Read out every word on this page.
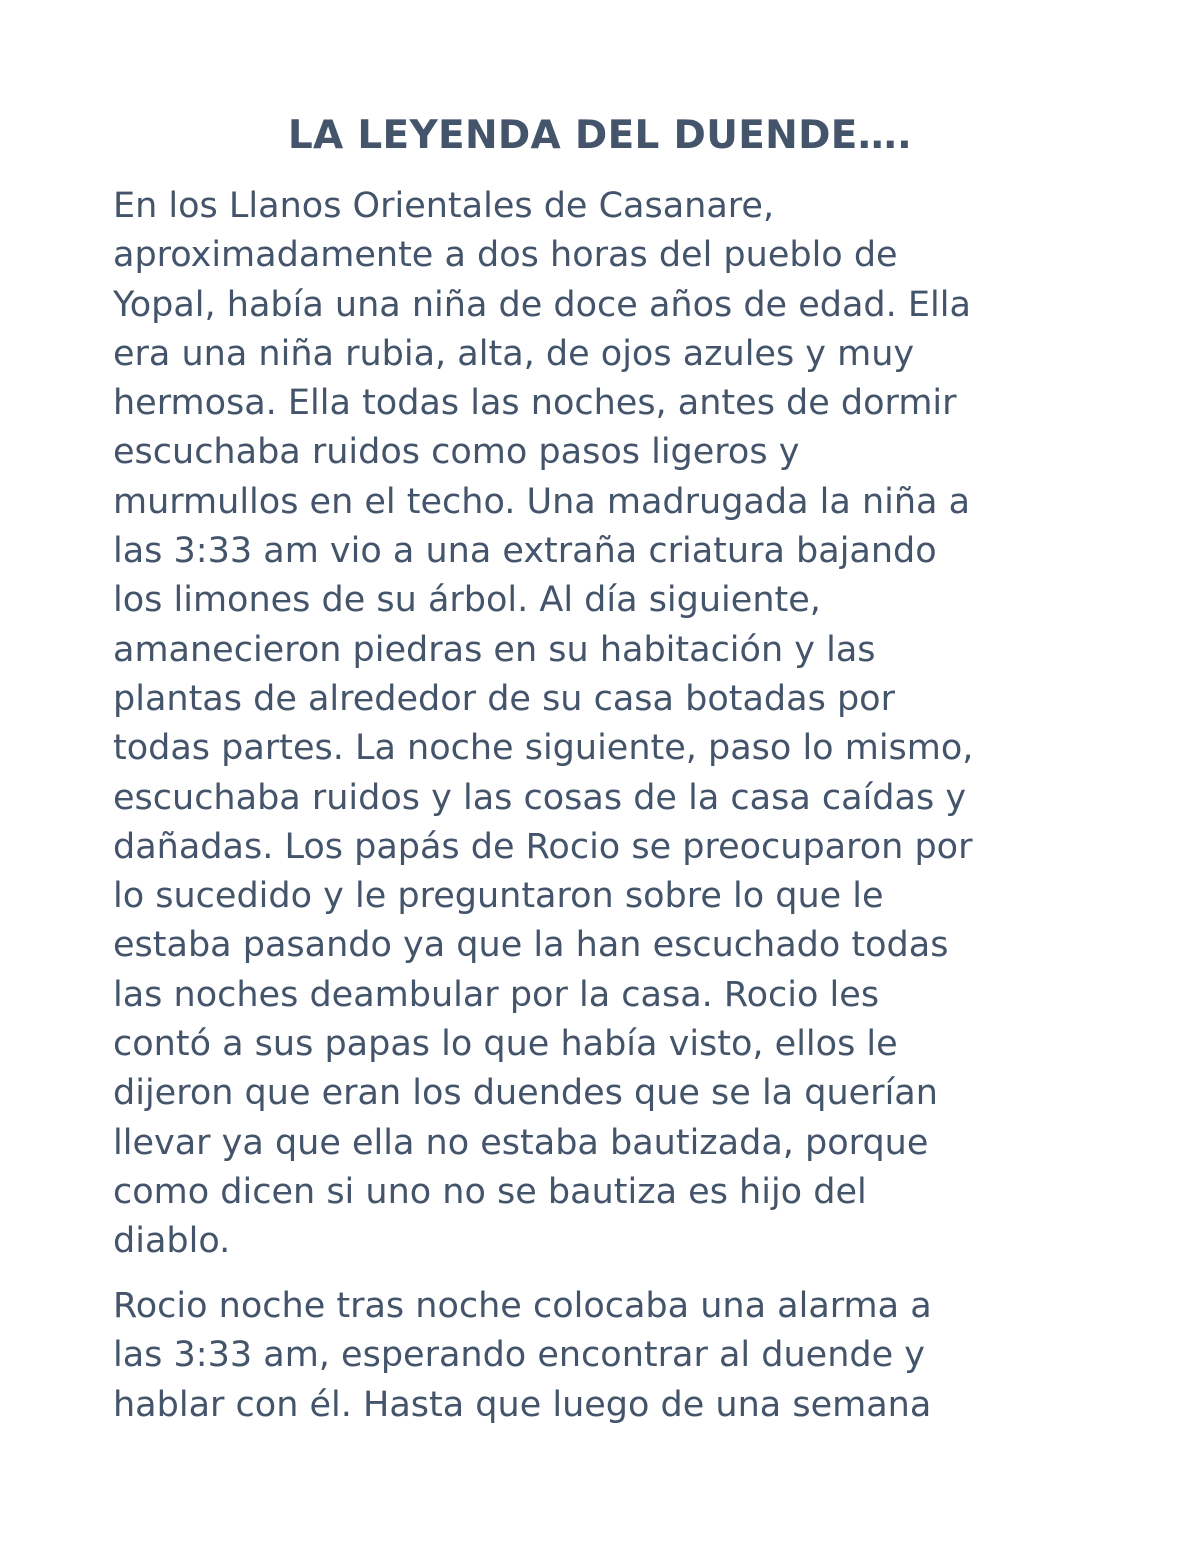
LA LEYENDA DEL DUENDE….

En los Llanos Orientales de Casanare,
aproximadamente a dos horas del pueblo de
Yopal, había una niña de doce años de edad. Ella
era una niña rubia, alta, de ojos azules y muy
hermosa. Ella todas las noches, antes de dormir
escuchaba ruidos como pasos ligeros y
murmullos en el techo. Una madrugada la niña a
las 3:33 am vio a una extraña criatura bajando
los limones de su árbol. Al día siguiente,
amanecieron piedras en su habitación y las
plantas de alrededor de su casa botadas por
todas partes. La noche siguiente, paso lo mismo,
escuchaba ruidos y las cosas de la casa caídas y
dañadas. Los papás de Rocio se preocuparon por
lo sucedido y le preguntaron sobre lo que le
estaba pasando ya que la han escuchado todas
las noches deambular por la casa. Rocio les
contó a sus papas lo que había visto, ellos le
dijeron que eran los duendes que se la querían
llevar ya que ella no estaba bautizada, porque
como dicen si uno no se bautiza es hijo del
diablo.

Rocio noche tras noche colocaba una alarma a
las 3:33 am, esperando encontrar al duende y
hablar con él. Hasta que luego de una semana
